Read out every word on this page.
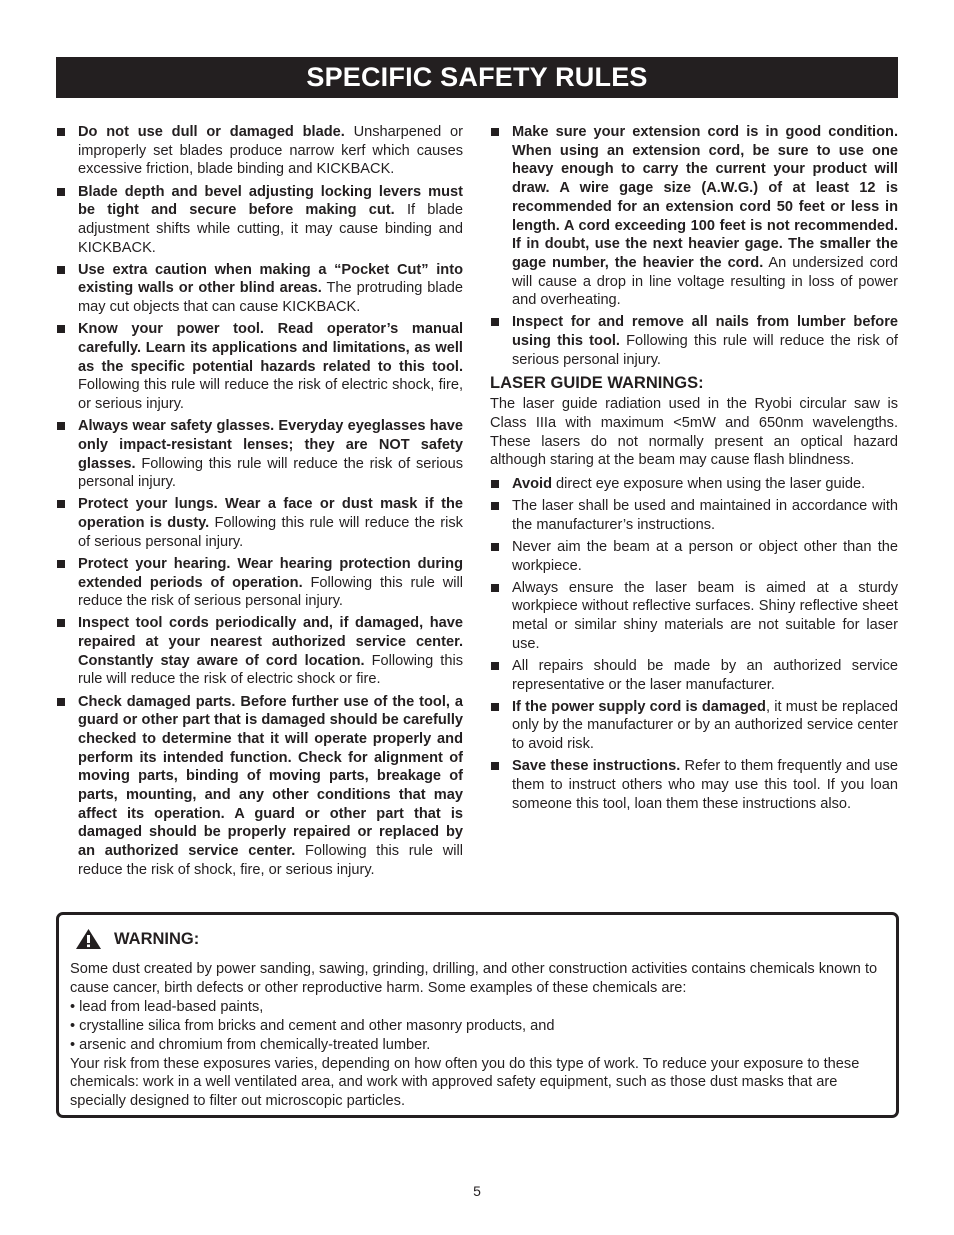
SPECIFIC SAFETY RULES
Do not use dull or damaged blade. Unsharpened or improperly set blades produce narrow kerf which causes excessive friction, blade binding and KICKBACK.
Blade depth and bevel adjusting locking levers must be tight and secure before making cut. If blade adjustment shifts while cutting, it may cause binding and KICKBACK.
Use extra caution when making a “Pocket Cut” into existing walls or other blind areas. The protruding blade may cut objects that can cause KICKBACK.
Know your power tool. Read operator’s manual carefully. Learn its applications and limitations, as well as the specific potential hazards related to this tool. Following this rule will reduce the risk of electric shock, fire, or serious injury.
Always wear safety glasses. Everyday eyeglasses have only impact-resistant lenses; they are NOT safety glasses. Following this rule will reduce the risk of serious personal injury.
Protect your lungs. Wear a face or dust mask if the operation is dusty. Following this rule will reduce the risk of serious personal injury.
Protect your hearing. Wear hearing protection during extended periods of operation. Following this rule will reduce the risk of serious personal injury.
Inspect tool cords periodically and, if damaged, have repaired at your nearest authorized service center. Constantly stay aware of cord location. Following this rule will reduce the risk of electric shock or fire.
Check damaged parts. Before further use of the tool, a guard or other part that is damaged should be carefully checked to determine that it will operate properly and perform its intended function. Check for alignment of moving parts, binding of moving parts, breakage of parts, mounting, and any other conditions that may affect its operation. A guard or other part that is damaged should be properly repaired or replaced by an authorized service center. Following this rule will reduce the risk of shock, fire, or serious injury.
Make sure your extension cord is in good condition. When using an extension cord, be sure to use one heavy enough to carry the current your product will draw. A wire gage size (A.W.G.) of at least 12 is recommended for an extension cord 50 feet or less in length. A cord exceeding 100 feet is not recommended. If in doubt, use the next heavier gage. The smaller the gage number, the heavier the cord. An undersized cord will cause a drop in line voltage resulting in loss of power and overheating.
Inspect for and remove all nails from lumber before using this tool. Following this rule will reduce the risk of serious personal injury.
LASER GUIDE WARNINGS:
The laser guide radiation used in the Ryobi circular saw is Class IIIa with maximum <5mW and 650nm wavelengths. These lasers do not normally present an optical hazard although staring at the beam may cause flash blindness.
Avoid direct eye exposure when using the laser guide.
The laser shall be used and maintained in accordance with the manufacturer’s instructions.
Never aim the beam at a person or object other than the workpiece.
Always ensure the laser beam is aimed at a sturdy workpiece without reflective surfaces. Shiny reflective sheet metal or similar shiny materials are not suitable for laser use.
All repairs should be made by an authorized service representative or the laser manufacturer.
If the power supply cord is damaged, it must be replaced only by the manufacturer or by an authorized service center to avoid risk.
Save these instructions. Refer to them frequently and use them to instruct others who may use this tool. If you loan someone this tool, loan them these instructions also.
WARNING:

Some dust created by power sanding, sawing, grinding, drilling, and other construction activities contains chemicals known to cause cancer, birth defects or other reproductive harm. Some examples of these chemicals are:

• lead from lead-based paints,

• crystalline silica from bricks and cement and other masonry products, and

• arsenic and chromium from chemically-treated lumber.

Your risk from these exposures varies, depending on how often you do this type of work. To reduce your exposure to these chemicals: work in a well ventilated area, and work with approved safety equipment, such as those dust masks that are specially designed to filter out microscopic particles.

5
